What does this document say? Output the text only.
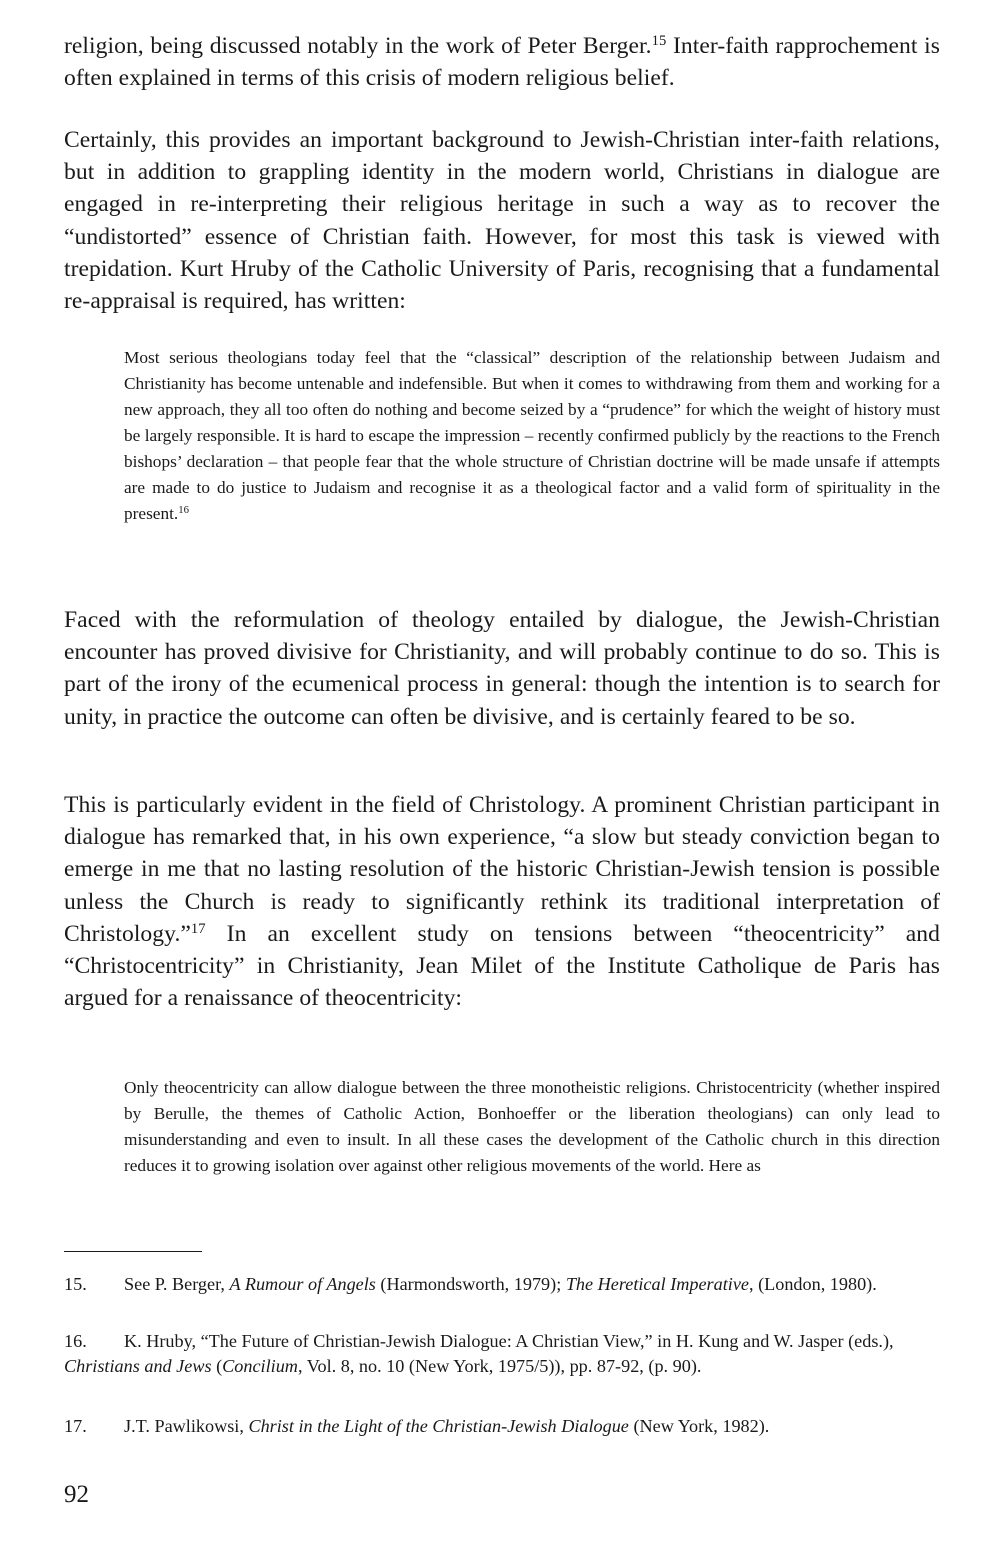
religion, being discussed notably in the work of Peter Berger.$^{15}$ Inter-faith rapprochement is often explained in terms of this crisis of modern religious belief.

Certainly, this provides an important background to Jewish-Christian inter-faith relations, but in addition to grappling identity in the modern world, Christians in dialogue are engaged in re-interpreting their religious heritage in such a way as to recover the “undistorted” essence of Christian faith. However, for most this task is viewed with trepidation. Kurt Hruby of the Catholic University of Paris, recognising that a fundamental re-appraisal is required, has written:

Most serious theologians today feel that the “classical” description of the relationship between Judaism and Christianity has become untenable and indefensible. But when it comes to withdrawing from them and working for a new approach, they all too often do nothing and become seized by a “prudence” for which the weight of history must be largely responsible. It is hard to escape the impression – recently confirmed publicly by the reactions to the French bishops’ declaration – that people fear that the whole structure of Christian doctrine will be made unsafe if attempts are made to do justice to Judaism and recognise it as a theological factor and a valid form of spirituality in the present.$^{16}$

Faced with the reformulation of theology entailed by dialogue, the Jewish-Christian encounter has proved divisive for Christianity, and will probably continue to do so. This is part of the irony of the ecumenical process in general: though the intention is to search for unity, in practice the outcome can often be divisive, and is certainly feared to be so.

This is particularly evident in the field of Christology. A prominent Christian participant in dialogue has remarked that, in his own experience, “a slow but steady conviction began to emerge in me that no lasting resolution of the historic Christian-Jewish tension is possible unless the Church is ready to significantly rethink its traditional interpretation of Christology.”$^{17}$ In an excellent study on tensions between “theocentricity” and “Christocentricity” in Christianity, Jean Milet of the Institute Catholique de Paris has argued for a renaissance of theocentricity:

Only theocentricity can allow dialogue between the three monotheistic religions. Christocentricity (whether inspired by Berulle, the themes of Catholic Action, Bonhoeffer or the liberation theologians) can only lead to misunderstanding and even to insult. In all these cases the development of the Catholic church in this direction reduces it to growing isolation over against other religious movements of the world. Here as

15. See P. Berger, A Rumour of Angels (Harmondsworth, 1979); The Heretical Imperative, (London, 1980).

16. K. Hruby, “The Future of Christian-Jewish Dialogue: A Christian View,” in H. Kung and W. Jasper (eds.), Christians and Jews (Concilium, Vol. 8, no. 10 (New York, 1975/5)), pp. 87-92, (p. 90).

17. J.T. Pawlikowsi, Christ in the Light of the Christian-Jewish Dialogue (New York, 1982).

92
